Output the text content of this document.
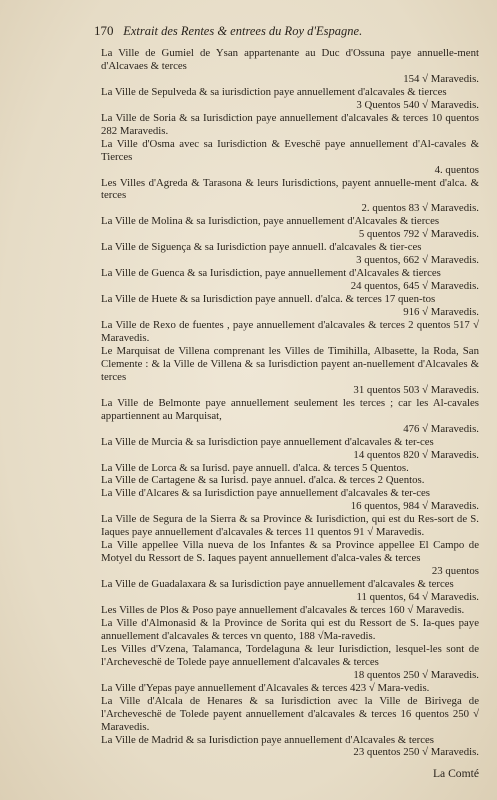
170 Extrait des Rentes & entrees du Roy d'Espagne.
La Ville de Gumiel de Ysan appartenante au Duc d'Ossuna paye annuelle-ment d'Alcavaes & terces
154 √ Maravedis.
La Ville de Sepulveda & sa iurisdiction paye annuellement d'alcavales & tierces
3 Quentos 540 √ Maravedis.
La Ville de Soria & sa Iurisdiction paye annuellement d'alcavales & terces 10 quentos 282 Maravedis.
La Ville d'Osma avec sa Iurisdiction & Eveschë paye annuellement d'Al-cavales & Tierces
4. quentos
Les Villes d'Agreda & Tarasona & leurs Iurisdictions, payent annuelle-ment d'alca. & terces
2. quentos 83 √ Maravedis.
La Ville de Molina & sa Iurisdiction, paye annuellement d'Alcavales & tierces
5 quentos 792 √ Maravedis.
La Ville de Siguença & sa Iurisdiction paye annuell. d'alcavales & tier-ces
3 quentos, 662 √ Maravedis.
La Ville de Guenca & sa Iurisdiction, paye annuellement d'Alcavales & tierces
24 quentos, 645 √ Maravedis.
La Ville de Huete & sa Iurisdiction paye annuell. d'alca. & terces 17 quen-tos
916 √ Maravedis.
La Ville de Rexo de fuentes , paye annuellement d'alcavales & terces 2 quentos 517 √ Maravedis.
Le Marquisat de Villena comprenant les Villes de Timihilla, Albasette, la Roda, San Clemente : & la Ville de Villena & sa Iurisdiction payent an-nuellement d'Alcavales & terces
31 quentos 503 √ Maravedis.
La Ville de Belmonte paye annuellement seulement les terces ; car les Al-cavales appartiennent au Marquisat,
476 √ Maravedis.
La Ville de Murcia & sa Iurisdiction paye annuellement d'alcavales & ter-ces
14 quentos 820 √ Maravedis.
La Ville de Lorca & sa Iurisd. paye annuell. d'alca. & terces 5 Quentos.
La Ville de Cartagene & sa Iurisd. paye annuel. d'alca. & terces 2 Quentos.
La Ville d'Alcares & sa Iurisdiction paye annuellement d'alcavales & ter-ces
16 quentos, 984 √ Maravedis.
La Ville de Segura de la Sierra & sa Province & Iurisdiction, qui est du Res-sort de S. Iaques paye annuellement d'alcavales & terces 11 quentos 91 √ Maravedis.
La Ville appellee Villa nueva de los Infantes & sa Province appellee El Campo de Motyel du Ressort de S. Iaques payent annuellement d'alca-vales & terces
23 quentos
La Ville de Guadalaxara & sa Iurisdiction paye annuellement d'alcavales & terces
11 quentos, 64 √ Maravedis.
Les Villes de Plos & Poso paye annuellement d'alcavales & terces 160 √ Maravedis.
La Ville d'Almonasid & la Province de Sorita qui est du Ressort de S. Ia-ques paye annuellement d'alcavales & terces vn quento, 188 √Ma-ravedis.
Les Villes d'Vzena, Talamanca, Tordelaguna & leur Iurisdiction, lesquel-les sont de l'Archeveschë de Tolede paye annuellement d'alcavales & terces
18 quentos 250 √ Maravedis.
La Ville d'Yepas paye annuellement d'Alcavales & terces 423 √ Mara-vedis.
La Ville d'Alcala de Henares & sa Iurisdiction avec la Ville de Birivega de l'Archeveschë de Tolede payent annuellement d'alcavales & terces 16 quentos 250 √ Maravedis.
La Ville de Madrid & sa Iurisdiction paye annuellement d'Alcavales & terces
23 quentos 250 √ Maravedis.
La Comté
